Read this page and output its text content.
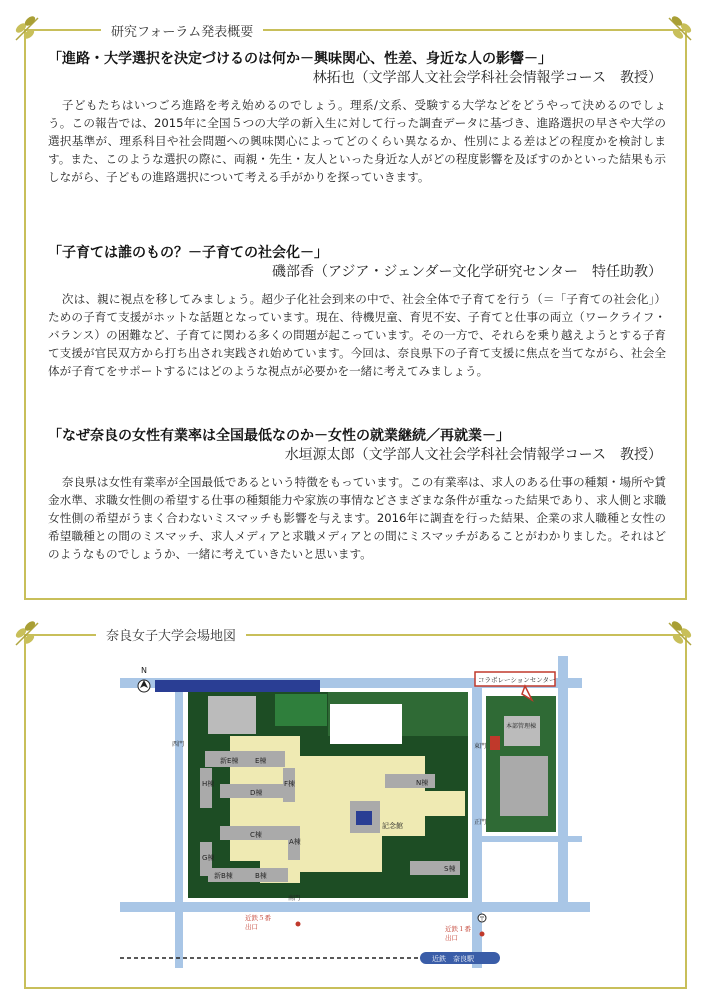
研究フォーラム発表概要
「進路・大学選択を決定づけるのは何か－興味関心、性差、身近な人の影響－」
林拓也（文学部人文社会学科社会情報学コース　教授）
子どもたちはいつごろ進路を考え始めるのでしょう。理系/文系、受験する大学などをどうやって決めるのでしょう。この報告では、2015年に全国５つの大学の新入生に対して行った調査データに基づき、進路選択の早さや大学の選択基準が、理系科目や社会問題への興味関心によってどのくらい異なるか、性別による差はどの程度かを検討します。また、このような選択の際に、両親・先生・友人といった身近な人がどの程度影響を及ぼすのかといった結果も示しながら、子どもの進路選択について考える手がかりを探っていきます。
「子育ては誰のもの？－子育ての社会化－」
磯部香（アジア・ジェンダー文化学研究センター　特任助教）
次は、親に視点を移してみましょう。超少子化社会到来の中で、社会全体で子育てを行う（＝「子育ての社会化」）ための子育て支援がホットな話題となっています。現在、待機児童、育児不安、子育てと仕事の両立（ワークライフ・バランス）の困難など、子育てに関わる多くの問題が起こっています。その一方で、それらを乗り越えようとする子育て支援が官民双方から打ち出され実践され始めています。今回は、奈良県下の子育て支援に焦点を当てながら、社会全体が子育てをサポートするにはどのような視点が必要かを一緒に考えてみましょう。
「なぜ奈良の女性有業率は全国最低なのか－女性の就業継続／再就業－」
水垣源太郎（文学部人文社会学科社会情報学コース　教授）
奈良県は女性有業率が全国最低であるという特徴をもっています。この有業率は、求人のある仕事の種類・場所や賃金水準、求職女性側の希望する仕事の種類能力や家族の事情などさまざまな条件が重なった結果であり、求人側と求職女性側の希望がうまく合わないミスマッチも影響を与えます。2016年に調査を行った結果、企業の求人職種と女性の希望職種との間のミスマッチ、求人メディアと求職メディアとの間にミスマッチがあることがわかりました。それはどのようなものでしょうか、一緒に考えていきたいと思います。
奈良女子大学会場地図
新E棟 E棟
H棟
D棟
F棟
C棟
A棟
G棟
新B棟	B棟
N棟
記念館
S棟
本部管理棟
コラボレーションセンター
西門	東門
南門
正門
N
近鉄５番
出口	近鉄１番
出口
〒
近鉄　奈良駅
